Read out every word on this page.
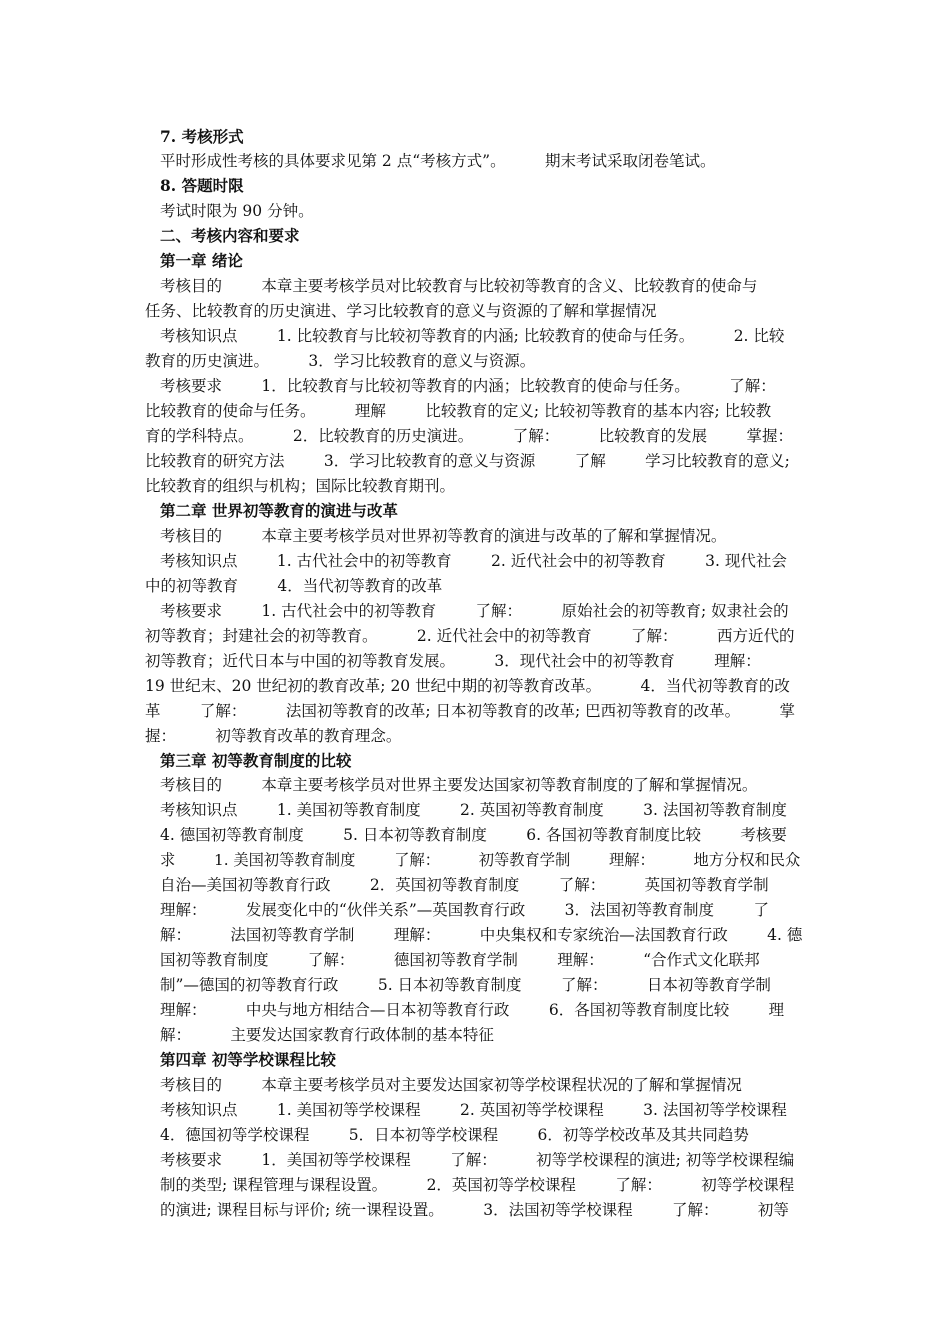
7. 考核形式
平时形成性考核的具体要求见第 2 点“考核方式”。        期末考试采取闭卷笔试。
8. 答题时限
考试时限为 90 分钟。
二、考核内容和要求
第一章 绪论
考核目的        本章主要考核学员对比较教育与比较初等教育的含义、比较教育的使命与
任务、比较教育的历史演进、学习比较教育的意义与资源的了解和掌握情况
考核知识点        1. 比较教育与比较初等教育的内涵; 比较教育的使命与任务。        2. 比较
教育的历史演进。        3．学习比较教育的意义与资源。
考核要求        1．比较教育与比较初等教育的内涵；比较教育的使命与任务。        了解：
比较教育的使命与任务。        理解        比较教育的定义; 比较初等教育的基本内容; 比较教
育的学科特点。        2．比较教育的历史演进。        了解：        比较教育的发展        掌握：
比较教育的研究方法        3．学习比较教育的意义与资源        了解        学习比较教育的意义;
比较教育的组织与机构；国际比较教育期刊。
第二章 世界初等教育的演进与改革
考核目的        本章主要考核学员对世界初等教育的演进与改革的了解和掌握情况。
考核知识点        1. 古代社会中的初等教育        2. 近代社会中的初等教育        3. 现代社会
中的初等教育        4．当代初等教育的改革
考核要求        1. 古代社会中的初等教育        了解：        原始社会的初等教育; 奴隶社会的
初等教育；封建社会的初等教育。        2. 近代社会中的初等教育        了解：        西方近代的
初等教育；近代日本与中国的初等教育发展。        3．现代社会中的初等教育        理解：
19 世纪末、20 世纪初的教育改革; 20 世纪中期的初等教育改革。        4．当代初等教育的改
革        了解：        法国初等教育的改革; 日本初等教育的改革; 巴西初等教育的改革。        掌
握：        初等教育改革的教育理念。
第三章 初等教育制度的比较
考核目的        本章主要考核学员对世界主要发达国家初等教育制度的了解和掌握情况。
考核知识点        1. 美国初等教育制度        2. 英国初等教育制度        3. 法国初等教育制度
4. 德国初等教育制度        5. 日本初等教育制度        6. 各国初等教育制度比较        考核要
求        1. 美国初等教育制度        了解：        初等教育学制        理解：        地方分权和民众
自治—美国初等教育行政        2．英国初等教育制度        了解：        英国初等教育学制
理解：        发展变化中的“伙伴关系”—英国教育行政        3．法国初等教育制度        了
解：        法国初等教育学制        理解：        中央集权和专家统治—法国教育行政        4. 德
国初等教育制度        了解：        德国初等教育学制        理解：        “合作式文化联邦
制”—德国的初等教育行政        5. 日本初等教育制度        了解：        日本初等教育学制
理解：        中央与地方相结合—日本初等教育行政        6．各国初等教育制度比较        理
解：        主要发达国家教育行政体制的基本特征
第四章 初等学校课程比较
考核目的        本章主要考核学员对主要发达国家初等学校课程状况的了解和掌握情况
考核知识点        1. 美国初等学校课程        2. 英国初等学校课程        3. 法国初等学校课程
4．德国初等学校课程        5．日本初等学校课程        6．初等学校改革及其共同趋势
考核要求        1．美国初等学校课程        了解：        初等学校课程的演进; 初等学校课程编
制的类型; 课程管理与课程设置。        2．英国初等学校课程        了解：        初等学校课程
的演进; 课程目标与评价; 统一课程设置。        3．法国初等学校课程        了解：        初等
